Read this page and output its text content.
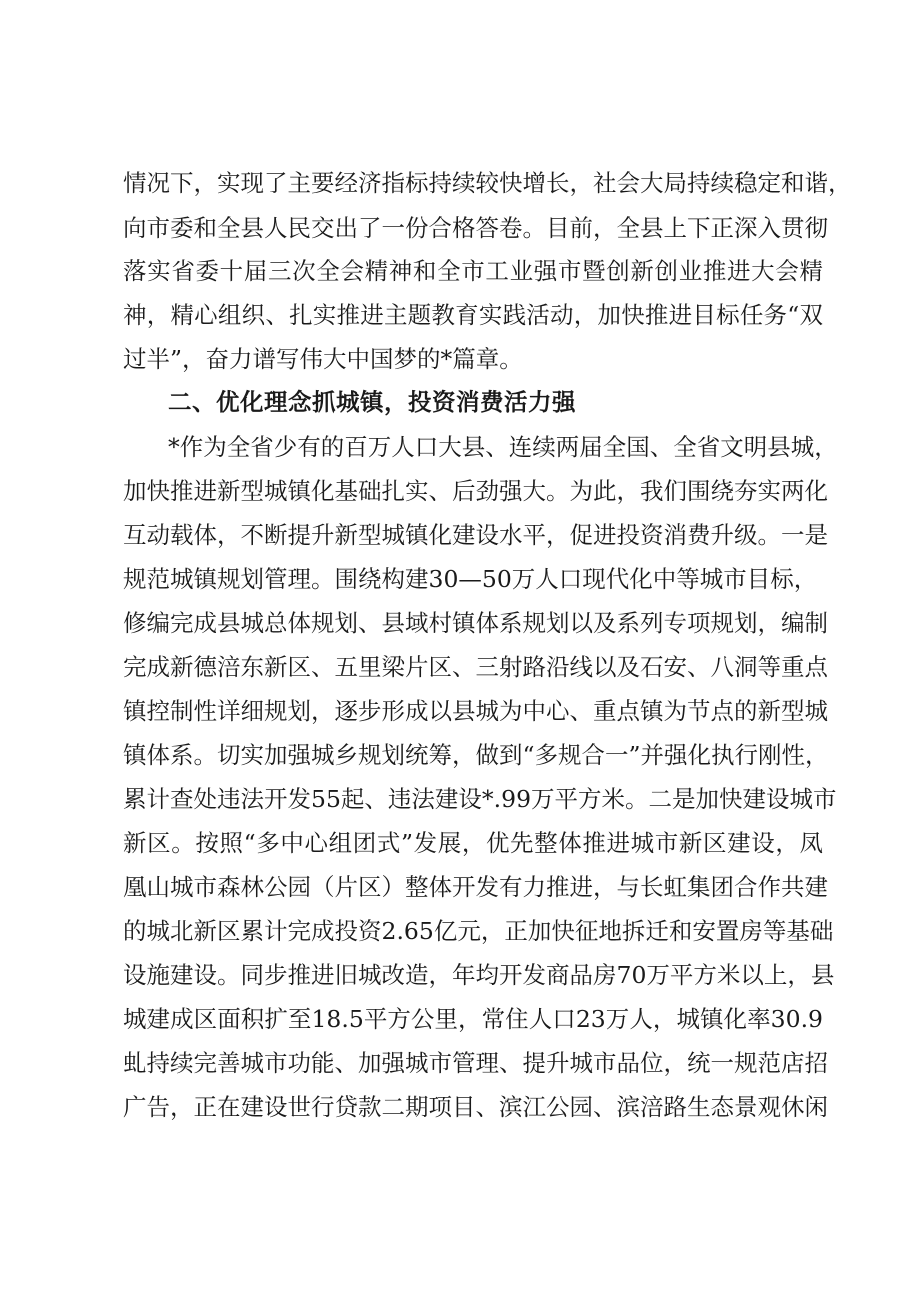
情况下，实现了主要经济指标持续较快增长，社会大局持续稳定和谐，
向市委和全县人民交出了一份合格答卷。目前，全县上下正深入贯彻
落实省委十届三次全会精神和全市工业强市暨创新创业推进大会精
神，精心组织、扎实推进主题教育实践活动，加快推进目标任务“双
过半”，奋力谱写伟大中国梦的*篇章。
二、优化理念抓城镇，投资消费活力强
*作为全省少有的百万人口大县、连续两届全国、全省文明县城，
加快推进新型城镇化基础扎实、后劲强大。为此，我们围绕夯实两化
互动载体，不断提升新型城镇化建设水平，促进投资消费升级。一是
规范城镇规划管理。围绕构建30—50万人口现代化中等城市目标，
修编完成县城总体规划、县域村镇体系规划以及系列专项规划，编制
完成新德涪东新区、五里梁片区、三射路沿线以及石安、八洞等重点
镇控制性详细规划，逐步形成以县城为中心、重点镇为节点的新型城
镇体系。切实加强城乡规划统筹，做到“多规合一”并强化执行刚性，
累计查处违法开发55起、违法建设*.99万平方米。二是加快建设城市
新区。按照“多中心组团式”发展，优先整体推进城市新区建设，凤
凰山城市森林公园（片区）整体开发有力推进，与长虹集团合作共建
的城北新区累计完成投资2.65亿元，正加快征地拆迁和安置房等基础
设施建设。同步推进旧城改造，年均开发商品房70万平方米以上，县
城建成区面积扩至18.5平方公里，常住人口23万人，城镇化率30.9
虬持续完善城市功能、加强城市管理、提升城市品位，统一规范店招
广告，正在建设世行贷款二期项目、滨江公园、滨涪路生态景观休闲
